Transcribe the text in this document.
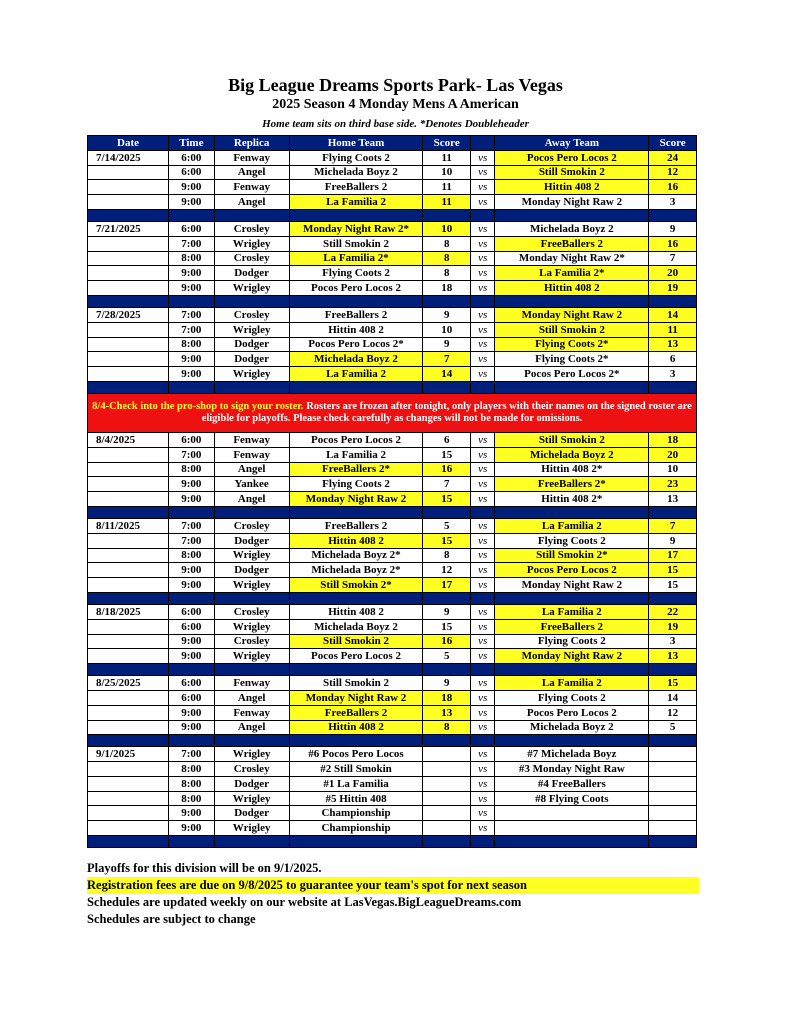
Big League Dreams Sports Park- Las Vegas
2025 Season 4 Monday Mens A American
Home team sits on third base side. *Denotes Doubleheader
Date	Time	Replica	Home Team	Score		Away Team	Score
7/14/2025	6:00	Fenway	Flying Coots 2	11	vs	Pocos Pero Locos 2	24
	6:00	Angel	Michelada Boyz 2	10	vs	Still Smokin 2	12
	9:00	Fenway	FreeBallers 2	11	vs	Hittin 408 2	16
	9:00	Angel	La Familia 2	11	vs	Monday Night Raw 2	3

7/21/2025	6:00	Crosley	Monday Night Raw 2*	10	vs	Michelada Boyz 2	9
	7:00	Wrigley	Still Smokin 2	8	vs	FreeBallers 2	16
	8:00	Crosley	La Familia 2*	8	vs	Monday Night Raw 2*	7
	9:00	Dodger	Flying Coots 2	8	vs	La Familia 2*	20
	9:00	Wrigley	Pocos Pero Locos 2	18	vs	Hittin 408 2	19

7/28/2025	7:00	Crosley	FreeBallers 2	9	vs	Monday Night Raw 2	14
	7:00	Wrigley	Hittin 408 2	10	vs	Still Smokin 2	11
	8:00	Dodger	Pocos Pero Locos 2*	9	vs	Flying Coots 2*	13
	9:00	Dodger	Michelada Boyz 2	7	vs	Flying Coots 2*	6
	9:00	Wrigley	La Familia 2	14	vs	Pocos Pero Locos 2*	3

8/4-Check into the pro-shop to sign your roster. Rosters are frozen after tonight, only players with their names on the signed roster are eligible for playoffs. Please check carefully as changes will not be made for omissions.							
8/4/2025	6:00	Fenway	Pocos Pero Locos 2	6	vs	Still Smokin 2	18
	7:00	Fenway	La Familia 2	15	vs	Michelada Boyz 2	20
	8:00	Angel	FreeBallers 2*	16	vs	Hittin 408 2*	10
	9:00	Yankee	Flying Coots 2	7	vs	FreeBallers 2*	23
	9:00	Angel	Monday Night Raw 2	15	vs	Hittin 408 2*	13

8/11/2025	7:00	Crosley	FreeBallers 2	5	vs	La Familia 2	7
	7:00	Dodger	Hittin 408 2	15	vs	Flying Coots 2	9
	8:00	Wrigley	Michelada Boyz 2*	8	vs	Still Smokin 2*	17
	9:00	Dodger	Michelada Boyz 2*	12	vs	Pocos Pero Locos 2	15
	9:00	Wrigley	Still Smokin 2*	17	vs	Monday Night Raw 2	15

8/18/2025	6:00	Crosley	Hittin 408 2	9	vs	La Familia 2	22
	6:00	Wrigley	Michelada Boyz 2	15	vs	FreeBallers 2	19
	9:00	Crosley	Still Smokin 2	16	vs	Flying Coots 2	3
	9:00	Wrigley	Pocos Pero Locos 2	5	vs	Monday Night Raw 2	13

8/25/2025	6:00	Fenway	Still Smokin 2	9	vs	La Familia 2	15
	6:00	Angel	Monday Night Raw 2	18	vs	Flying Coots 2	14
	9:00	Fenway	FreeBallers 2	13	vs	Pocos Pero Locos 2	12
	9:00	Angel	Hittin 408 2	8	vs	Michelada Boyz 2	5

9/1/2025	7:00	Wrigley	#6 Pocos Pero Locos		vs	#7 Michelada Boyz	
	8:00	Crosley	#2 Still Smokin		vs	#3 Monday Night Raw	
	8:00	Dodger	#1 La Familia		vs	#4 FreeBallers	
	8:00	Wrigley	#5 Hittin 408		vs	#8 Flying Coots	
	9:00	Dodger	Championship		vs		
	9:00	Wrigley	Championship		vs		

Playoffs for this division will be on 9/1/2025.
Registration fees are due on 9/8/2025 to guarantee your team's spot for next season
Schedules are updated weekly on our website at LasVegas.BigLeagueDreams.com
Schedules are subject to change
